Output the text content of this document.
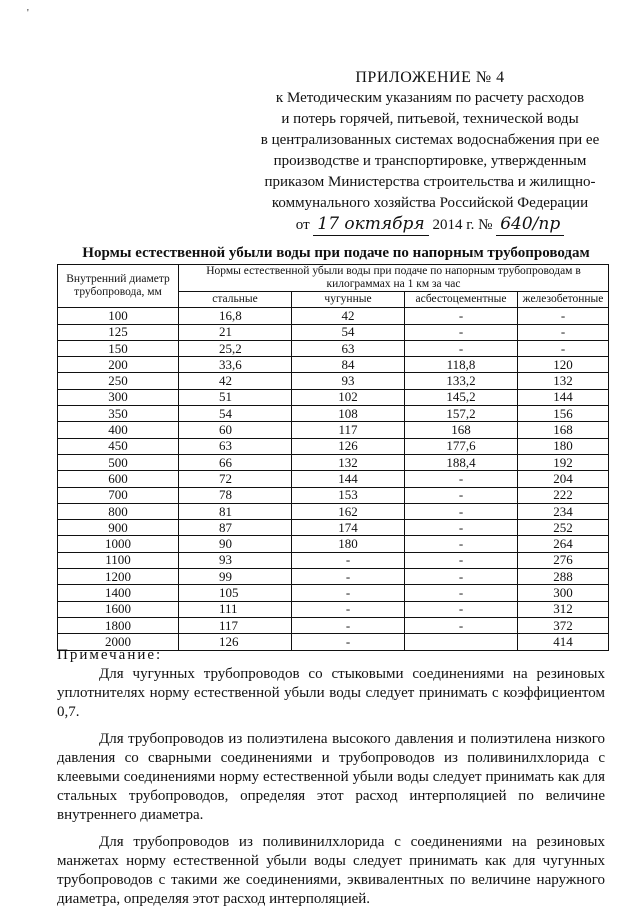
'
ПРИЛОЖЕНИЕ № 4
к Методическим указаниям по расчету расходов
и потерь горячей, питьевой, технической воды
в централизованных системах водоснабжения при ее
производстве и транспортировке, утвержденным
приказом Министерства строительства и жилищно-
коммунального хозяйства Российской Федерации
от 17 октября 2014 г. № 640/пр
Нормы естественной убыли воды при подаче по напорным трубопроводам
Внутренний диаметр трубопровода, мм	Нормы естественной убыли воды при подаче по напорным трубопроводам в килограммах на 1 км за час			
	стальные	чугунные	асбестоцементные	железобетонные
100	16,8	42	-	-
125	21	54	-	-
150	25,2	63	-	-
200	33,6	84	118,8	120
250	42	93	133,2	132
300	51	102	145,2	144
350	54	108	157,2	156
400	60	117	168	168
450	63	126	177,6	180
500	66	132	188,4	192
600	72	144	-	204
700	78	153	-	222
800	81	162	-	234
900	87	174	-	252
1000	90	180	-	264
1100	93	-	-	276
1200	99	-	-	288
1400	105	-	-	300
1600	111	-	-	312
1800	117	-	-	372
2000	126	-		414
Примечание:

Для чугунных трубопроводов со стыковыми соединениями на резиновых уплотнителях норму естественной убыли воды следует принимать с коэффициентом 0,7.

Для трубопроводов из полиэтилена высокого давления и полиэтилена низкого давления со сварными соединениями и трубопроводов из поливинилхлорида с клеевыми соединениями норму естественной убыли воды следует принимать как для стальных трубопроводов, определяя этот расход интерполяцией по величине внутреннего диаметра.

Для трубопроводов из поливинилхлорида с соединениями на резиновых манжетах норму естественной убыли воды следует принимать как для чугунных трубопроводов с такими же соединениями, эквивалентных по величине наружного диаметра, определяя этот расход интерполяцией.
